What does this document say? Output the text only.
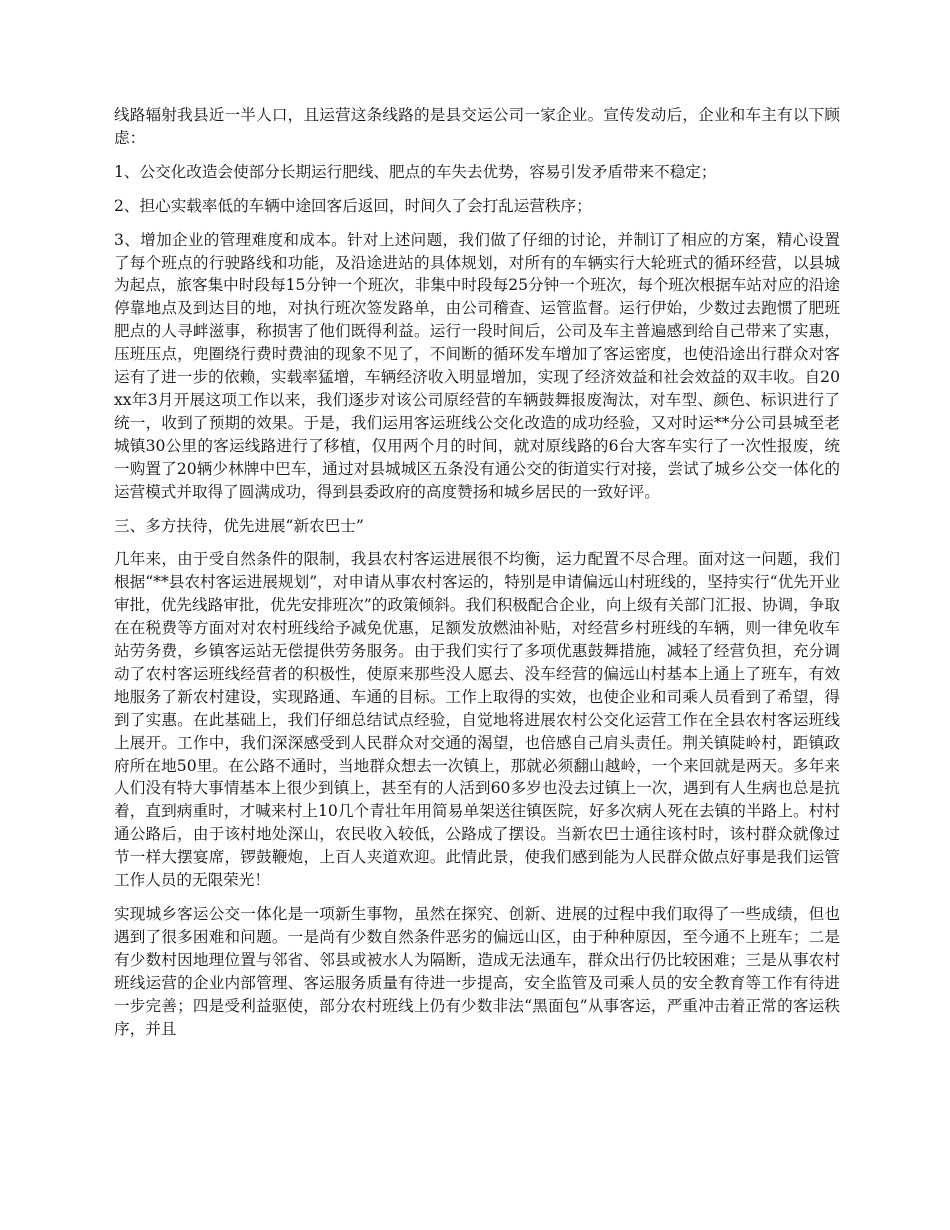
线路辐射我县近一半人口，且运营这条线路的是县交运公司一家企业。宣传发动后，企业和车主有以下顾虑：

1、公交化改造会使部分长期运行肥线、肥点的车失去优势，容易引发矛盾带来不稳定；

2、担心实载率低的车辆中途回客后返回，时间久了会打乱运营秩序；

3、增加企业的管理难度和成本。针对上述问题，我们做了仔细的讨论，并制订了相应的方案，精心设置了每个班点的行驶路线和功能，及沿途进站的具体规划，对所有的车辆实行大轮班式的循环经营，以县城为起点，旅客集中时段每15分钟一个班次，非集中时段每25分钟一个班次，每个班次根据车站对应的沿途停靠地点及到达目的地，对执行班次签发路单，由公司稽查、运管监督。运行伊始，少数过去跑惯了肥班肥点的人寻衅滋事，称损害了他们既得利益。运行一段时间后，公司及车主普遍感到给自己带来了实惠，压班压点，兜圈绕行费时费油的现象不见了，不间断的循环发车增加了客运密度，也使沿途出行群众对客运有了进一步的依赖，实载率猛增，车辆经济收入明显增加，实现了经济效益和社会效益的双丰收。自20xx年3月开展这项工作以来，我们逐步对该公司原经营的车辆鼓舞报废淘汰，对车型、颜色、标识进行了统一，收到了预期的效果。于是，我们运用客运班线公交化改造的成功经验，又对时运**分公司县城至老城镇30公里的客运线路进行了移植，仅用两个月的时间，就对原线路的6台大客车实行了一次性报废，统一购置了20辆少林牌中巴车，通过对县城城区五条没有通公交的街道实行对接，尝试了城乡公交一体化的运营模式并取得了圆满成功，得到县委政府的高度赞扬和城乡居民的一致好评。

三、多方扶待，优先进展“新农巴士”

几年来，由于受自然条件的限制，我县农村客运进展很不均衡，运力配置不尽合理。面对这一问题，我们根据“**县农村客运进展规划”，对申请从事农村客运的，特别是申请偏远山村班线的，坚持实行“优先开业审批，优先线路审批，优先安排班次”的政策倾斜。我们积极配合企业，向上级有关部门汇报、协调，争取在在税费等方面对对农村班线给予减免优惠，足额发放燃油补贴，对经营乡村班线的车辆，则一律免收车站劳务费，乡镇客运站无偿提供劳务服务。由于我们实行了多项优惠鼓舞措施，减轻了经营负担，充分调动了农村客运班线经营者的积极性，使原来那些没人愿去、没车经营的偏远山村基本上通上了班车，有效地服务了新农村建设，实现路通、车通的目标。工作上取得的实效，也使企业和司乘人员看到了希望，得到了实惠。在此基础上，我们仔细总结试点经验，自觉地将进展农村公交化运营工作在全县农村客运班线上展开。工作中，我们深深感受到人民群众对交通的渴望，也倍感自己肩头责任。荆关镇陡岭村，距镇政府所在地50里。在公路不通时，当地群众想去一次镇上，那就必须翻山越岭，一个来回就是两天。多年来人们没有特大事情基本上很少到镇上，甚至有的人活到60多岁也没去过镇上一次，遇到有人生病也总是抗着，直到病重时，才喊来村上10几个青壮年用简易单架送往镇医院，好多次病人死在去镇的半路上。村村通公路后，由于该村地处深山，农民收入较低，公路成了摆设。当新农巴士通往该村时，该村群众就像过节一样大摆宴席，锣鼓鞭炮，上百人夹道欢迎。此情此景，使我们感到能为人民群众做点好事是我们运管工作人员的无限荣光！

实现城乡客运公交一体化是一项新生事物，虽然在探究、创新、进展的过程中我们取得了一些成绩，但也遇到了很多困难和问题。一是尚有少数自然条件恶劣的偏远山区，由于种种原因，至今通不上班车；二是有少数村因地理位置与邻省、邻县或被水人为隔断，造成无法通车，群众出行仍比较困难；三是从事农村班线运营的企业内部管理、客运服务质量有待进一步提高，安全监管及司乘人员的安全教育等工作有待进一步完善；四是受利益驱使，部分农村班线上仍有少数非法“黑面包”从事客运，严重冲击着正常的客运秩序，并且
